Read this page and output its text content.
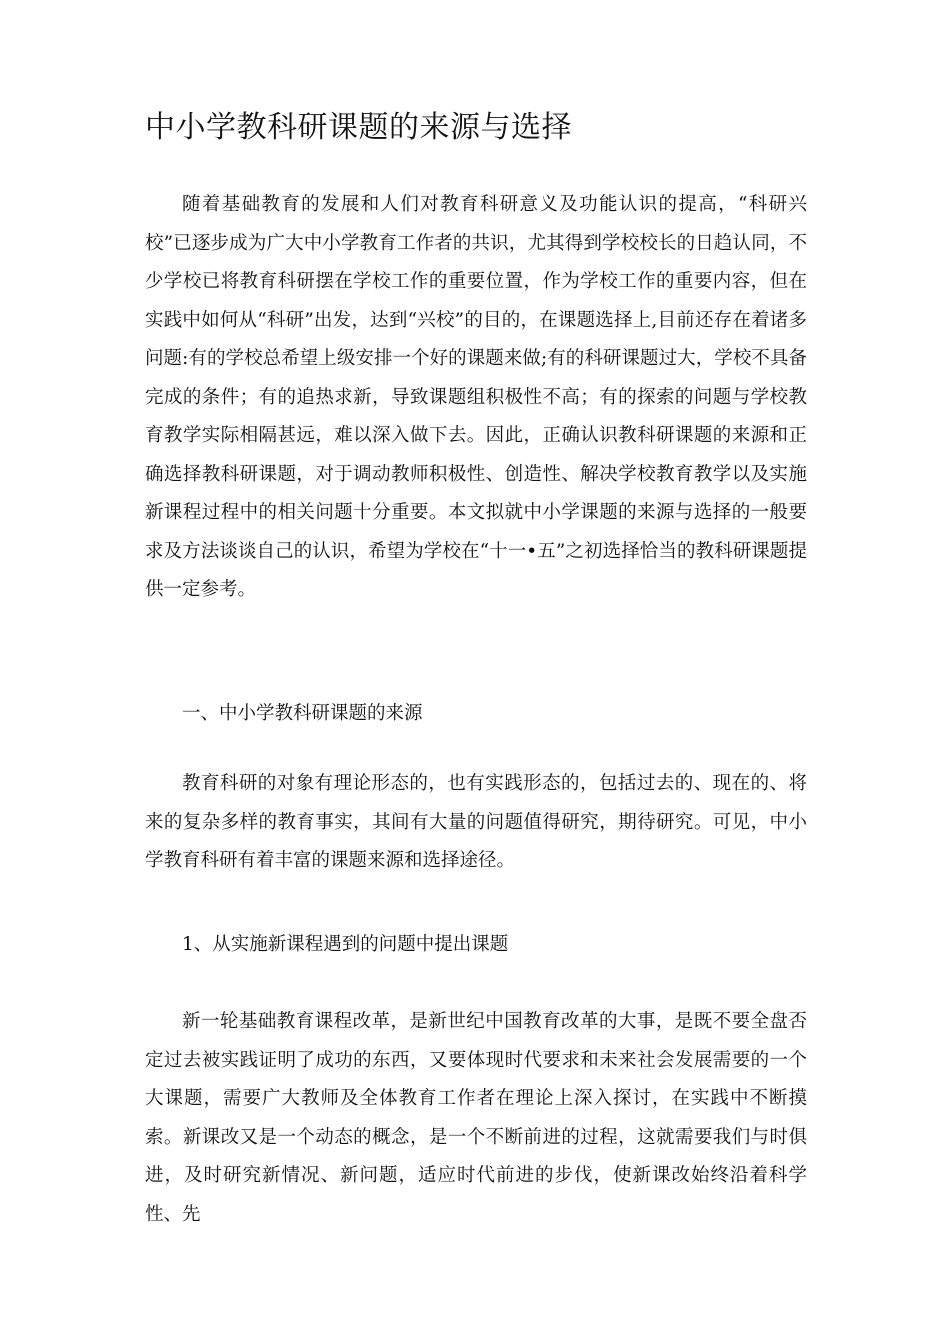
中小学教科研课题的来源与选择

随着基础教育的发展和人们对教育科研意义及功能认识的提高，“科研兴校”已逐步成为广大中小学教育工作者的共识，尤其得到学校校长的日趋认同，不少学校已将教育科研摆在学校工作的重要位置，作为学校工作的重要内容，但在实践中如何从“科研”出发，达到“兴校”的目的，在课题选择上,目前还存在着诸多问题:有的学校总希望上级安排一个好的课题来做;有的科研课题过大，学校不具备完成的条件；有的追热求新，导致课题组积极性不高；有的探索的问题与学校教育教学实际相隔甚远，难以深入做下去。因此，正确认识教科研课题的来源和正确选择教科研课题，对于调动教师积极性、创造性、解决学校教育教学以及实施新课程过程中的相关问题十分重要。本文拟就中小学课题的来源与选择的一般要求及方法谈谈自己的认识，希望为学校在“十一•五”之初选择恰当的教科研课题提供一定参考。

一、中小学教科研课题的来源

教育科研的对象有理论形态的，也有实践形态的，包括过去的、现在的、将来的复杂多样的教育事实，其间有大量的问题值得研究，期待研究。可见，中小学教育科研有着丰富的课题来源和选择途径。

1、从实施新课程遇到的问题中提出课题

新一轮基础教育课程改革，是新世纪中国教育改革的大事，是既不要全盘否定过去被实践证明了成功的东西，又要体现时代要求和未来社会发展需要的一个大课题，需要广大教师及全体教育工作者在理论上深入探讨，在实践中不断摸索。新课改又是一个动态的概念，是一个不断前进的过程，这就需要我们与时俱进，及时研究新情况、新问题，适应时代前进的步伐，使新课改始终沿着科学性、先
